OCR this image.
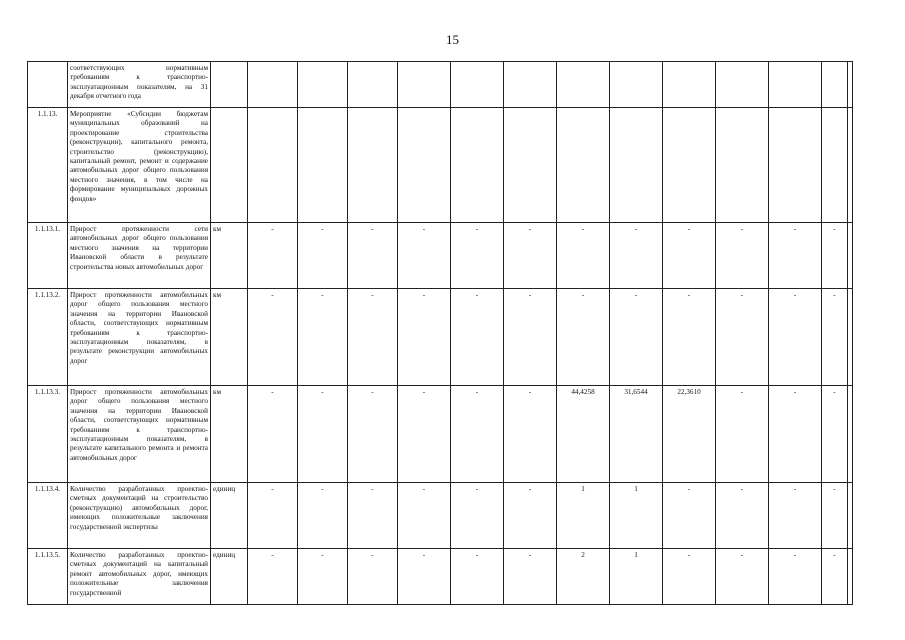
15
	соответствующих нормативным требованиям к транспортно-эксплуатационным показателям, на 31 декабря отчетного года														
1.1.13.	Мероприятие «Субсидии бюджетам муниципальных образований на проектирование строительства (реконструкции), капитального ремонта, строительство (реконструкцию), капитальный ремонт, ремонт и содержание автомобильных дорог общего пользования местного значения, в том числе на формирование муниципальных дорожных фондов»														
1.1.13.1.	Прирост протяженности сети автомобильных дорог общего пользования местного значения на территории Ивановской области в результате строительства новых автомобильных дорог	км	-	-	-	-	-	-	-	-	-	-	-	-	
1.1.13.2.	Прирост протяженности автомобильных дорог общего пользования местного значения на территории Ивановской области, соответствующих нормативным требованиям к транспортно-эксплуатационным показателям, в результате реконструкции автомобильных дорог	км	-	-	-	-	-	-	-	-	-	-	-	-	
1.1.13.3.	Прирост протяженности автомобильных дорог общего пользования местного значения на территории Ивановской области, соответствующих нормативным требованиям к транспортно-эксплуатационным показателям, в результате капитального ремонта и ремонта автомобильных дорог	км	-	-	-	-	-	-	44,4258	31,6544	22,3610	-	-	-	
1.1.13.4.	Количество разработанных проектно-сметных документаций на строительство (реконструкцию) автомобильных дорог, имеющих положительные заключения государственной экспертизы	единиц	-	-	-	-	-	-	1	1	-	-	-	-	
1.1.13.5.	Количество разработанных проектно-сметных документаций на капитальный ремонт автомобильных дорог, имеющих положительные заключения государственной	единиц	-	-	-	-	-	-	2	1	-	-	-	-	
